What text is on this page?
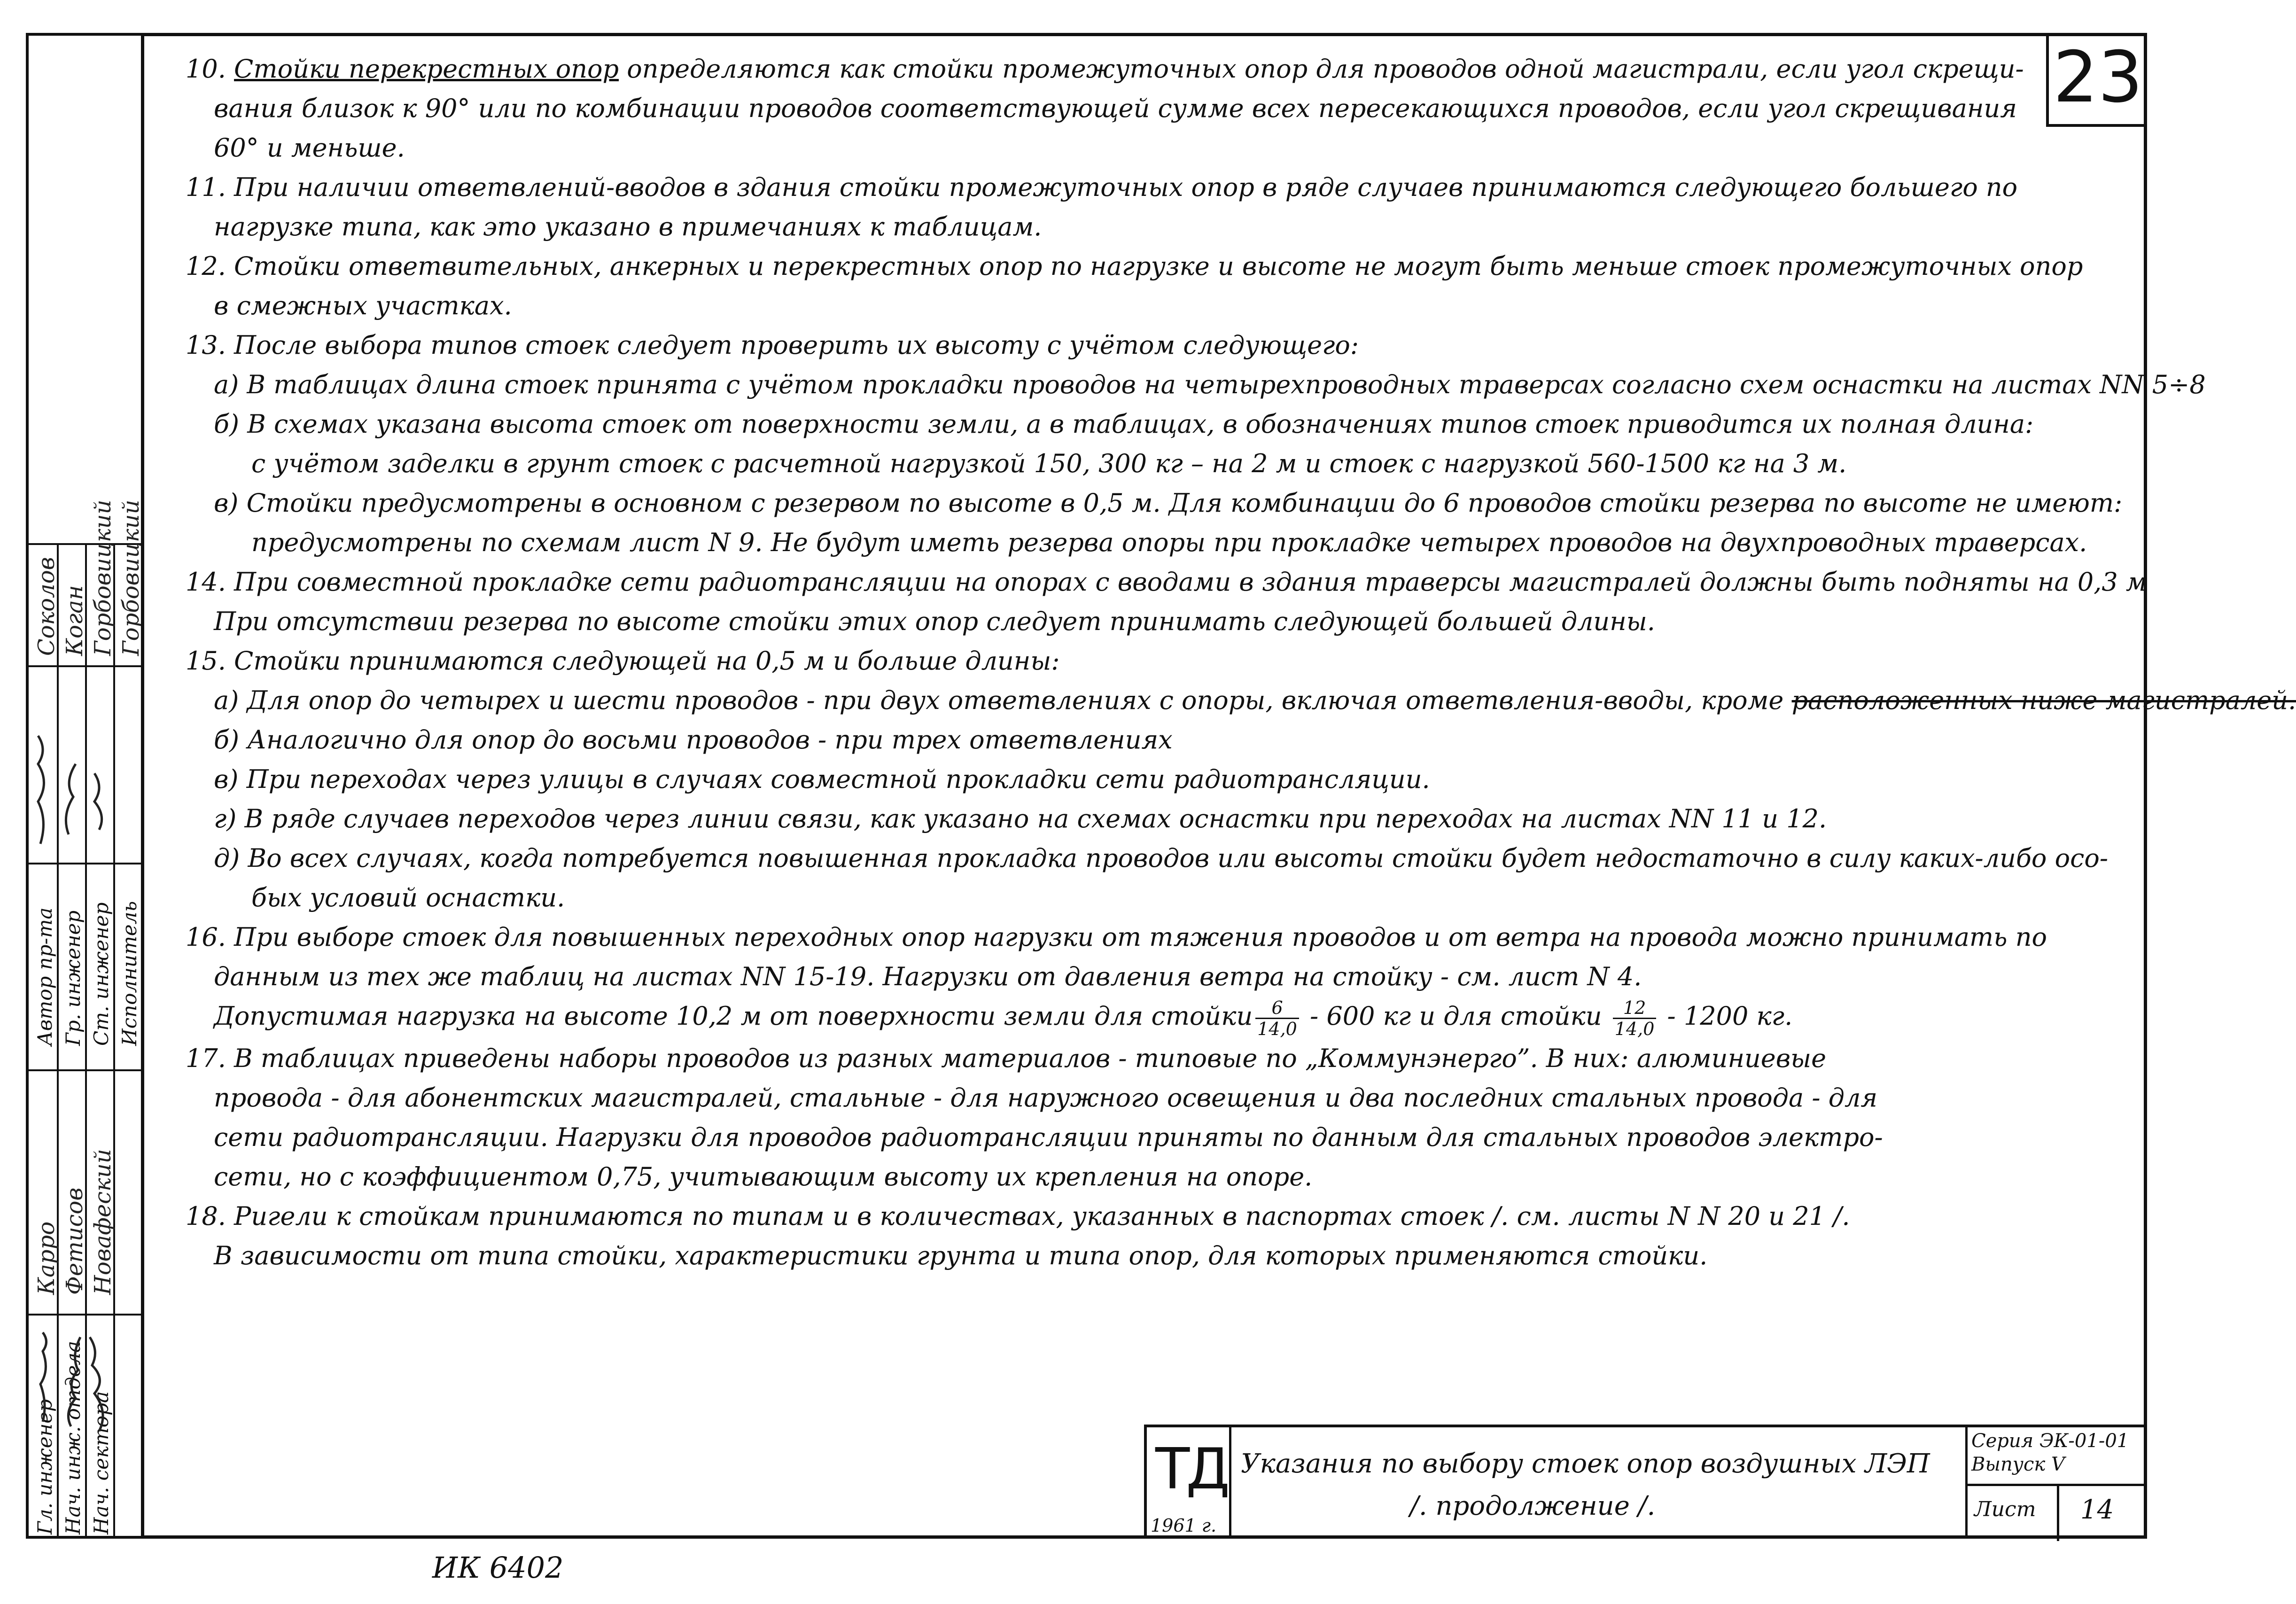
Гл. инженер Нач. инж. отдела Нач. сектора
Автор пр-та Гр. инженер Ст. инженер Исполнитель
Карро Фетисов Новафеский
Соколов Коган Горбовицкий Горбовицкий
23
10. Стойки перекрестных опор определяются как стойки промежуточных опор для проводов одной магистрали, если угол скрещи-
вания близок к 90° или по комбинации проводов соответствующей сумме всех пересекающихся проводов, если угол скрещивания
60° и меньше.
11. При наличии ответвлений-вводов в здания стойки промежуточных опор в ряде случаев принимаются следующего большего по
нагрузке типа, как это указано в примечаниях к таблицам.
12. Стойки ответвительных, анкерных и перекрестных опор по нагрузке и высоте не могут быть меньше стоек промежуточных опор
в смежных участках.
13. После выбора типов стоек следует проверить их высоту с учётом следующего:
а) В таблицах длина стоек принята с учётом прокладки проводов на четырехпроводных траверсах согласно схем оснастки на листах NN 5÷8
б) В схемах указана высота стоек от поверхности земли, а в таблицах, в обозначениях типов стоек приводится их полная длина:
с учётом заделки в грунт стоек с расчетной нагрузкой 150, 300 кг – на 2 м и стоек с нагрузкой 560-1500 кг на 3 м.
в) Стойки предусмотрены в основном с резервом по высоте в 0,5 м. Для комбинации до 6 проводов стойки резерва по высоте не имеют:
предусмотрены по схемам лист N 9. Не будут иметь резерва опоры при прокладке четырех проводов на двухпроводных траверсах.
14. При совместной прокладке сети радиотрансляции на опорах с вводами в здания траверсы магистралей должны быть подняты на 0,3 м
При отсутствии резерва по высоте стойки этих опор следует принимать следующей большей длины.
15. Стойки принимаются следующей на 0,5 м и больше длины:
а) Для опор до четырех и шести проводов - при двух ответвлениях с опоры, включая ответвления-вводы, кроме расположенных ниже магистралей.
б) Аналогично для опор до восьми проводов - при трех ответвлениях
в) При переходах через улицы в случаях совместной прокладки сети радиотрансляции.
г) В ряде случаев переходов через линии связи, как указано на схемах оснастки при переходах на листах NN 11 и 12.
д) Во всех случаях, когда потребуется повышенная прокладка проводов или высоты стойки будет недостаточно в силу каких-либо осо-
бых условий оснастки.
16. При выборе стоек для повышенных переходных опор нагрузки от тяжения проводов и от ветра на провода можно принимать по
данным из тех же таблиц на листах NN 15-19. Нагрузки от давления ветра на стойку - см. лист N 4.
Допустимая нагрузка на высоте 10,2 м от поверхности земли для стойки $\frac{6}{14,0} - 600$ кг и для стойки $\frac{12}{14,0} - 1200$ кг.
17. В таблицах приведены наборы проводов из разных материалов - типовые по „Коммунэнерго”. В них: алюминиевые
провода - для абонентских магистралей, стальные - для наружного освещения и два последних стальных провода - для
сети радиотрансляции. Нагрузки для проводов радиотрансляции приняты по данным для стальных проводов электро-
сети, но с коэффициентом 0,75, учитывающим высоту их крепления на опоре.
18. Ригели к стойкам принимаются по типам и в количествах, указанных в паспортах стоек /. см. листы N N 20 и 21 /.
В зависимости от типа стойки, характеристики грунта и типа опор, для которых применяются стойки.
ТД
1961 г.
Указания по выбору стоек опор воздушных ЛЭП
/. продолжение /.
Серия ЭК-01-01
Выпуск V
Лист 14
ИК 6402
